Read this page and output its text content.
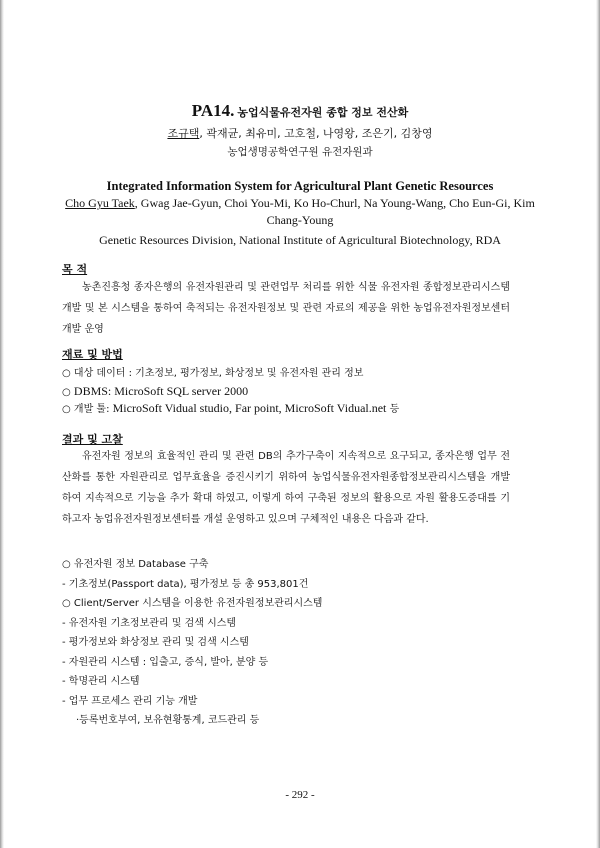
PA14. 농업식물유전자원 종합 정보 전산화
조규택, 곽재균, 최유미, 고호철, 나영왕, 조은기, 김창영
농업생명공학연구원 유전자원과
Integrated Information System for Agricultural Plant Genetic Resources
Cho Gyu Taek, Gwag Jae-Gyun, Choi You-Mi, Ko Ho-Churl, Na Young-Wang, Cho Eun-Gi, Kim Chang-Young
Genetic Resources Division, National Institute of Agricultural Biotechnology, RDA
목 적
농촌진흥청 종자은행의 유전자원관리 및 관련업무 처리를 위한 식물 유전자원 종합정보관리시스템 개발 및 본 시스템을 통하여 축적되는 유전자원정보 및 관련 자료의 제공을 위한 농업유전자원정보센터 개발 운영
재료 및 방법
○ 대상 데이터 : 기초정보, 평가정보, 화상정보 및 유전자원 관리 정보
○ DBMS: MicroSoft SQL server 2000
○ 개발 툴: MicroSoft Vidual studio, Far point, MicroSoft Vidual.net 등
결과 및 고찰
유전자원 정보의 효율적인 관리 및 관련 DB의 추가구축이 지속적으로 요구되고, 종자은행 업무 전산화를 통한 자원관리로 업무효율을 증진시키기 위하여 농업식물유전자원종합정보관리시스템을 개발 하여 지속적으로 기능을 추가 확대 하였고, 이렇게 하여 구축된 정보의 활용으로 자원 활용도증대를 기하고자 농업유전자원정보센터를 개설 운영하고 있으며 구체적인 내용은 다음과 같다.
○ 유전자원 정보 Database 구축
- 기초정보(Passport data), 평가정보 등 총 953,801건
○ Client/Server 시스템을 이용한 유전자원정보관리시스템
- 유전자원 기초정보관리 및 검색 시스템
- 평가정보와 화상정보 관리 및 검색 시스템
- 자원관리 시스템 : 입출고, 증식, 발아, 분양 등
- 학명관리 시스템
- 업무 프로세스 관리 기능 개발
·등록번호부여, 보유현황통계, 코드관리 등
- 292 -
